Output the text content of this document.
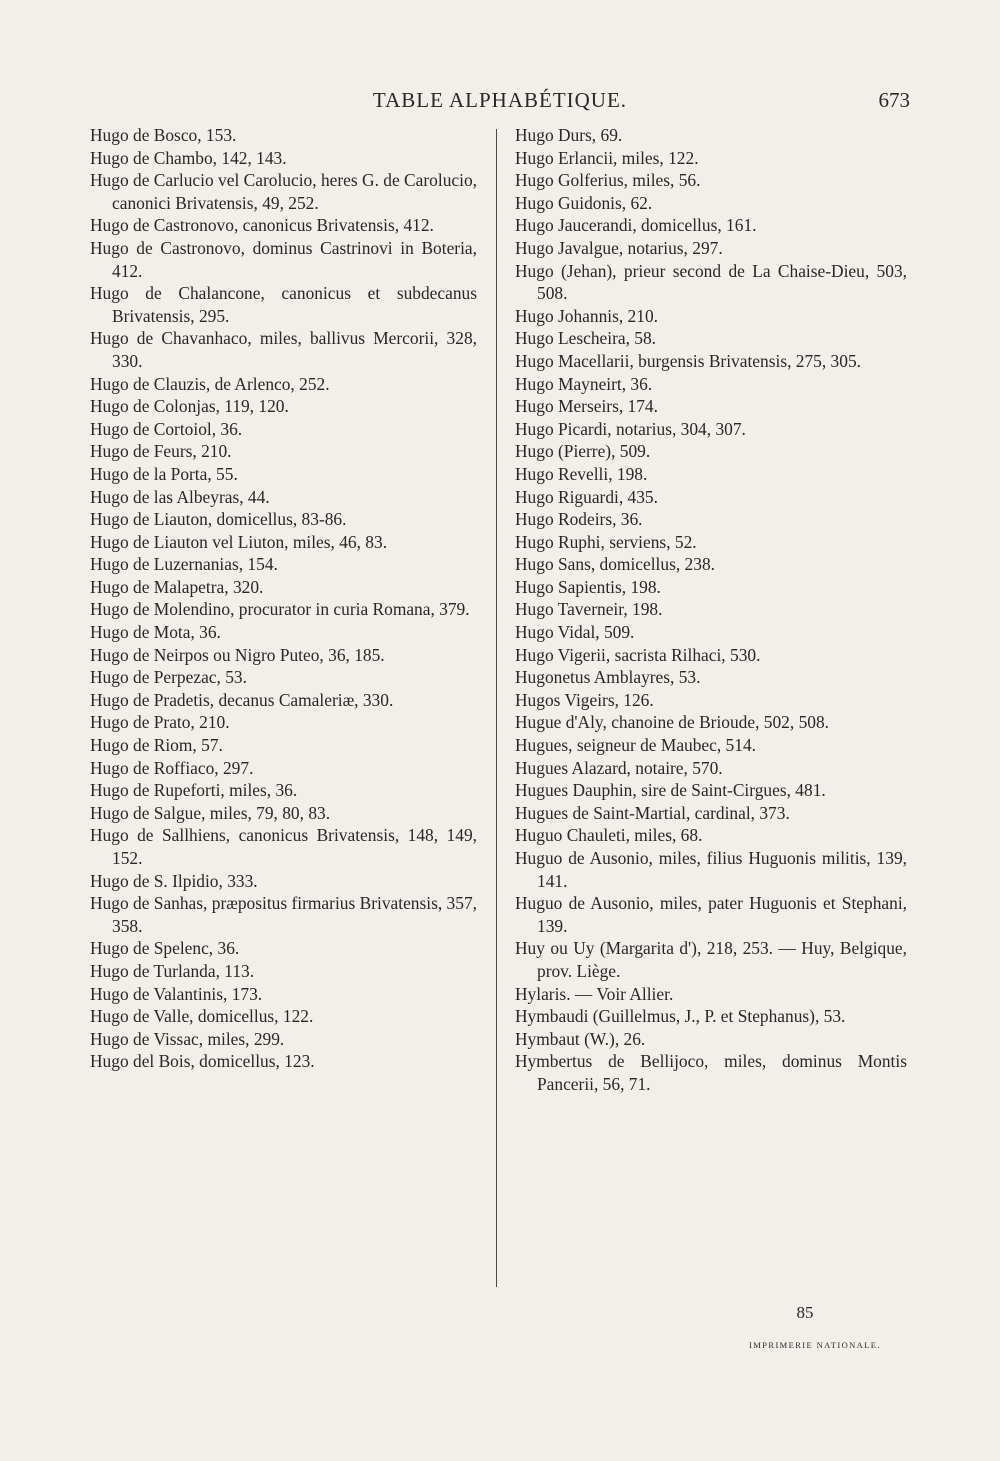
TABLE ALPHABÉTIQUE.	673

Hugo de Bosco, 153.

Hugo de Chambo, 142, 143.

Hugo de Carlucio vel Carolucio, heres G. de Carolucio, canonici Brivatensis, 49, 252.

Hugo de Castronovo, canonicus Brivatensis, 412.

Hugo de Castronovo, dominus Castrinovi in Boteria, 412.

Hugo de Chalancone, canonicus et subdecanus Brivatensis, 295.

Hugo de Chavanhaco, miles, ballivus Mercorii, 328, 330.

Hugo de Clauzis, de Arlenco, 252.

Hugo de Colonjas, 119, 120.

Hugo de Cortoiol, 36.

Hugo de Feurs, 210.

Hugo de la Porta, 55.

Hugo de las Albeyras, 44.

Hugo de Liauton, domicellus, 83-86.

Hugo de Liauton vel Liuton, miles, 46, 83.

Hugo de Luzernanias, 154.

Hugo de Malapetra, 320.

Hugo de Molendino, procurator in curia Romana, 379.

Hugo de Mota, 36.

Hugo de Neirpos ou Nigro Puteo, 36, 185.

Hugo de Perpezac, 53.

Hugo de Pradetis, decanus Camaleriæ, 330.

Hugo de Prato, 210.

Hugo de Riom, 57.

Hugo de Roffiaco, 297.

Hugo de Rupeforti, miles, 36.

Hugo de Salgue, miles, 79, 80, 83.

Hugo de Sallhiens, canonicus Brivatensis, 148, 149, 152.

Hugo de S. Ilpidio, 333.

Hugo de Sanhas, præpositus firmarius Brivatensis, 357, 358.

Hugo de Spelenc, 36.

Hugo de Turlanda, 113.

Hugo de Valantinis, 173.

Hugo de Valle, domicellus, 122.

Hugo de Vissac, miles, 299.

Hugo del Bois, domicellus, 123.

Hugo Durs, 69.

Hugo Erlancii, miles, 122.

Hugo Golferius, miles, 56.

Hugo Guidonis, 62.

Hugo Jaucerandi, domicellus, 161.

Hugo Javalgue, notarius, 297.

Hugo (Jehan), prieur second de La Chaise-Dieu, 503, 508.

Hugo Johannis, 210.

Hugo Lescheira, 58.

Hugo Macellarii, burgensis Brivatensis, 275, 305.

Hugo Mayneirt, 36.

Hugo Merseirs, 174.

Hugo Picardi, notarius, 304, 307.

Hugo (Pierre), 509.

Hugo Revelli, 198.

Hugo Riguardi, 435.

Hugo Rodeirs, 36.

Hugo Ruphi, serviens, 52.

Hugo Sans, domicellus, 238.

Hugo Sapientis, 198.

Hugo Taverneir, 198.

Hugo Vidal, 509.

Hugo Vigerii, sacrista Rilhaci, 530.

Hugonetus Amblayres, 53.

Hugos Vigeirs, 126.

Hugue d'Aly, chanoine de Brioude, 502, 508.

Hugues, seigneur de Maubec, 514.

Hugues Alazard, notaire, 570.

Hugues Dauphin, sire de Saint-Cirgues, 481.

Hugues de Saint-Martial, cardinal, 373.

Huguo Chauleti, miles, 68.

Huguo de Ausonio, miles, filius Huguonis militis, 139, 141.

Huguo de Ausonio, miles, pater Huguonis et Stephani, 139.

Huy ou Uy (Margarita d'), 218, 253. — Huy, Belgique, prov. Liège.

Hylaris. — Voir Allier.

Hymbaudi (Guillelmus, J., P. et Stephanus), 53.

Hymbaut (W.), 26.

Hymbertus de Bellijoco, miles, dominus Montis Pancerii, 56, 71.

85
IMPRIMERIE NATIONALE.
